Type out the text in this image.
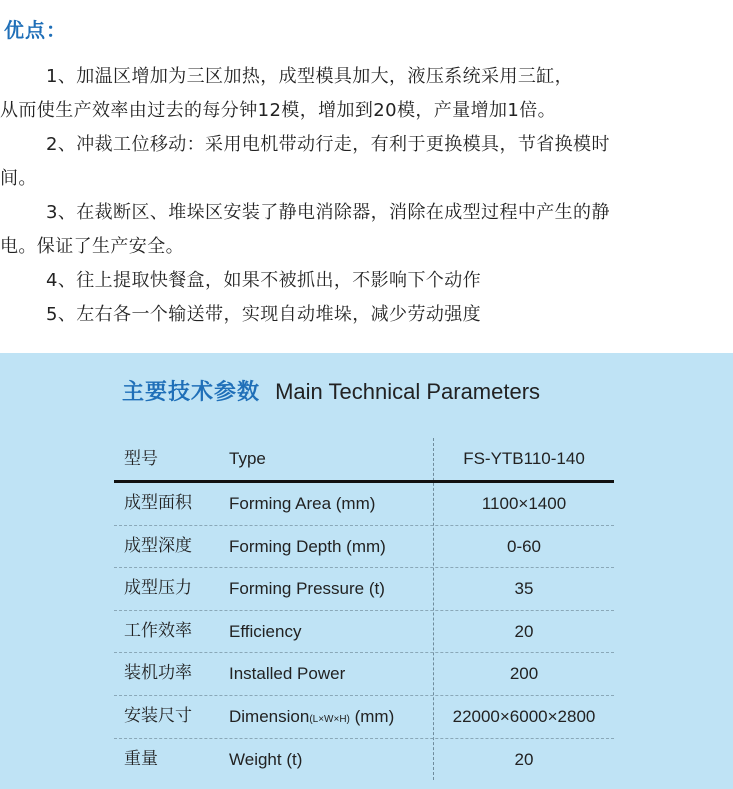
优点：
1、加温区增加为三区加热，成型模具加大，液压系统采用三缸，
从而使生产效率由过去的每分钟12模，增加到20模，产量增加1倍。
2、冲裁工位移动：采用电机带动行走，有利于更换模具，节省换模时
间。
3、在裁断区、堆垛区安装了静电消除器，消除在成型过程中产生的静
电。保证了生产安全。
4、往上提取快餐盒，如果不被抓出，不影响下个动作
5、左右各一个输送带，实现自动堆垛，减少劳动强度
主要技术参数 Main Technical Parameters
型号	Type	FS-YTB110-140
成型面积 Forming Area (mm)	1100×1400
成型深度 Forming Depth (mm)	0-60
成型压力 Forming Pressure (t)	35
工作效率 Efficiency	20
装机功率 Installed Power	200
安装尺寸 Dimension(L×W×H) (mm)	22000×6000×2800
重量	Weight (t)	20
